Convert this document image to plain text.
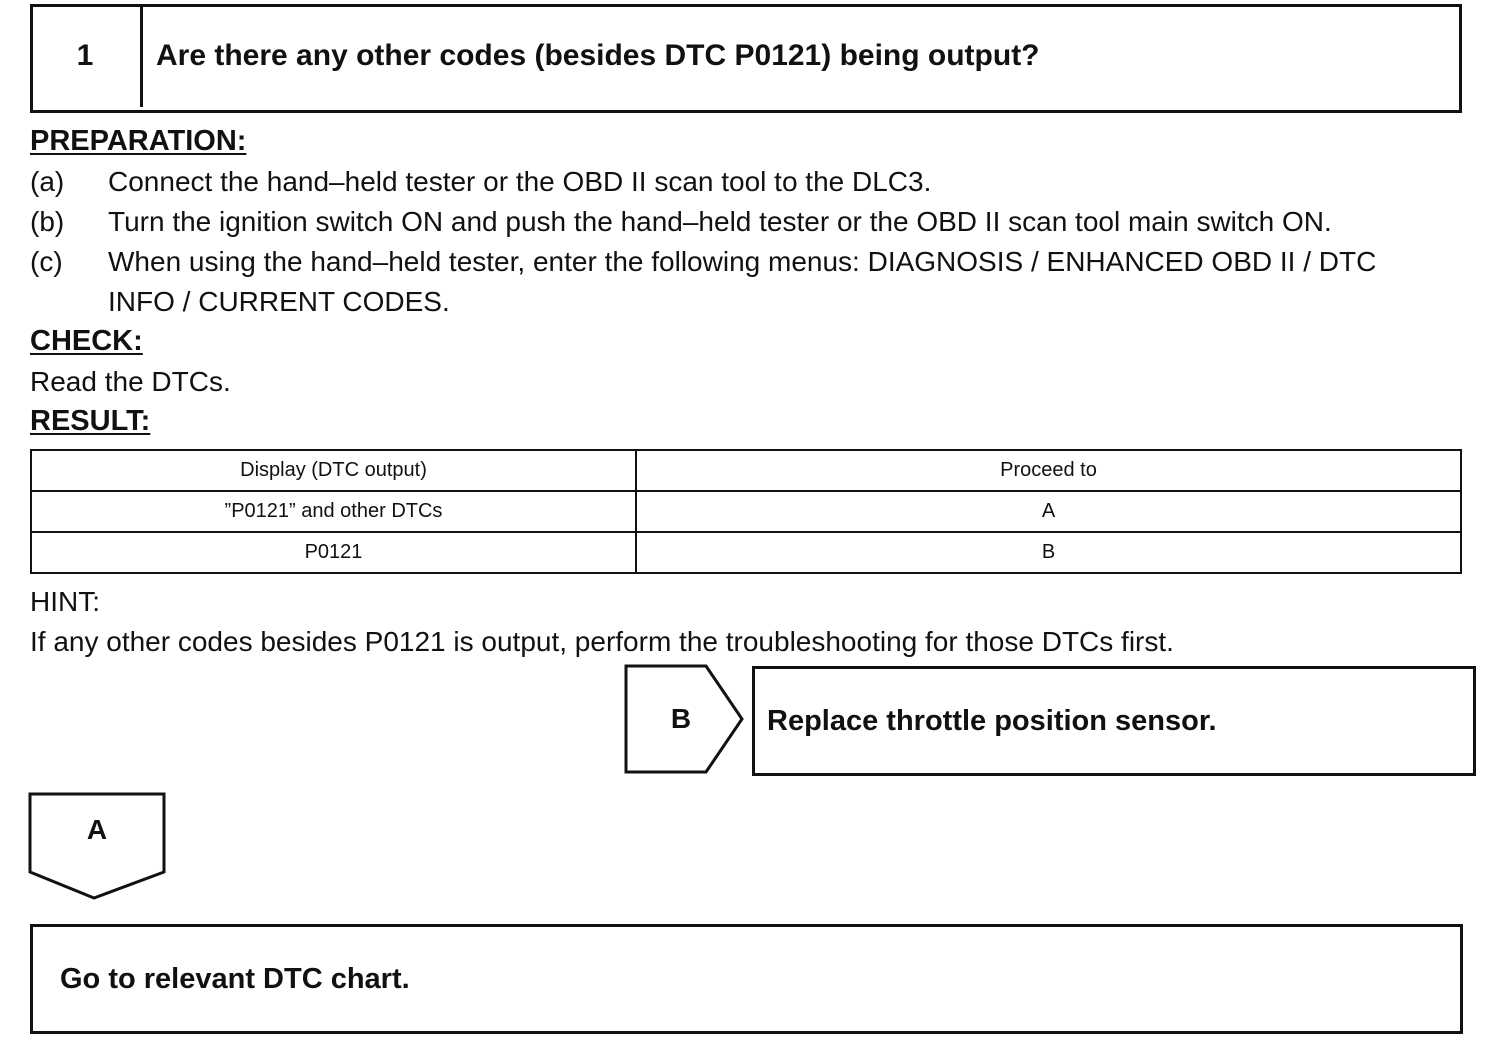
1	Are there any other codes (besides DTC P0121) being output?
PREPARATION:
(a) Connect the hand–held tester or the OBD II scan tool to the DLC3.
(b) Turn the ignition switch ON and push the hand–held tester or the OBD II scan tool main switch ON.
(c) When using the hand–held tester, enter the following menus: DIAGNOSIS / ENHANCED OBD II / DTC
INFO / CURRENT CODES.
CHECK:
Read the DTCs.
RESULT:
Display (DTC output)	Proceed to
”P0121” and other DTCs	A
P0121	B
HINT:
If any other codes besides P0121 is output, perform the troubleshooting for those DTCs first.
B	Replace throttle position sensor.
A
Go to relevant DTC chart.
